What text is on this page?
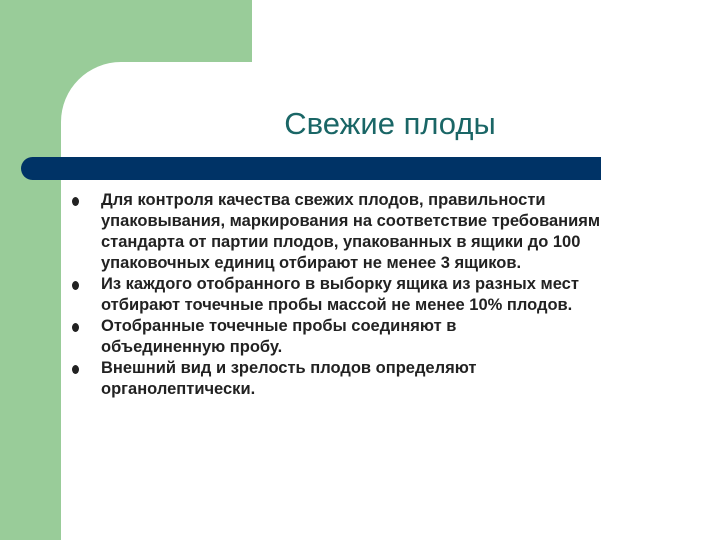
Свежие плоды
Для контроля качества свежих плодов, правильности упаковывания, маркирования на соответствие требованиям стандарта от партии плодов, упакованных в ящики до 100 упаковочных единиц отбирают не менее 3 ящиков.
Из каждого отобранного в выборку ящика из разных мест отбирают точечные пробы массой не менее 10% плодов.
Отобранные точечные пробы соединяют в объединенную пробу.
Внешний вид и зрелость плодов определяют органолептически.
